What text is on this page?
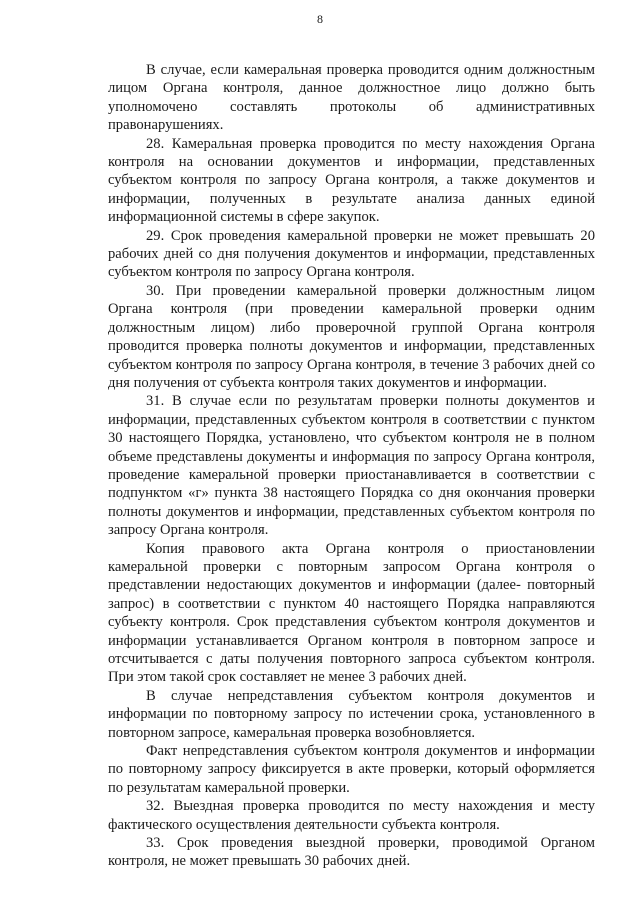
8

В случае, если камеральная проверка проводится одним должностным лицом Органа контроля, данное должностное лицо должно быть уполномочено составлять протоколы об административных правонарушениях.

28. Камеральная проверка проводится по месту нахождения Органа контроля на основании документов и информации, представленных субъектом контроля по запросу Органа контроля, а также документов и информации, полученных в результате анализа данных единой информационной системы в сфере закупок.

29. Срок проведения камеральной проверки не может превышать 20 рабочих дней со дня получения документов и информации, представленных субъектом контроля по запросу Органа контроля.

30. При проведении камеральной проверки должностным лицом Органа контроля (при проведении камеральной проверки одним должностным лицом) либо проверочной группой Органа контроля проводится проверка полноты документов и информации, представленных субъектом контроля по запросу Органа контроля, в течение 3 рабочих дней со дня получения от субъекта контроля таких документов и информации.

31. В случае если по результатам проверки полноты документов и информации, представленных субъектом контроля в соответствии с пунктом 30 настоящего Порядка, установлено, что субъектом контроля не в полном объеме представлены документы и информация по запросу Органа контроля, проведение камеральной проверки приостанавливается в соответствии с подпунктом «г» пункта 38 настоящего Порядка со дня окончания проверки полноты документов и информации, представленных субъектом контроля по запросу Органа контроля.

Копия правового акта Органа контроля о приостановлении камеральной проверки с повторным запросом Органа контроля о представлении недостающих документов и информации (далее- повторный запрос) в соответствии с пунктом 40 настоящего Порядка направляются субъекту контроля. Срок представления субъектом контроля документов и информации устанавливается Органом контроля в повторном запросе и отсчитывается с даты получения повторного запроса субъектом контроля. При этом такой срок составляет не менее 3 рабочих дней.

В случае непредставления субъектом контроля документов и информации по повторному запросу по истечении срока, установленного в повторном запросе, камеральная проверка возобновляется.

Факт непредставления субъектом контроля документов и информации по повторному запросу фиксируется в акте проверки, который оформляется по результатам камеральной проверки.

32. Выездная проверка проводится по месту нахождения и месту фактического осуществления деятельности субъекта контроля.

33. Срок проведения выездной проверки, проводимой Органом контроля, не может превышать 30 рабочих дней.
